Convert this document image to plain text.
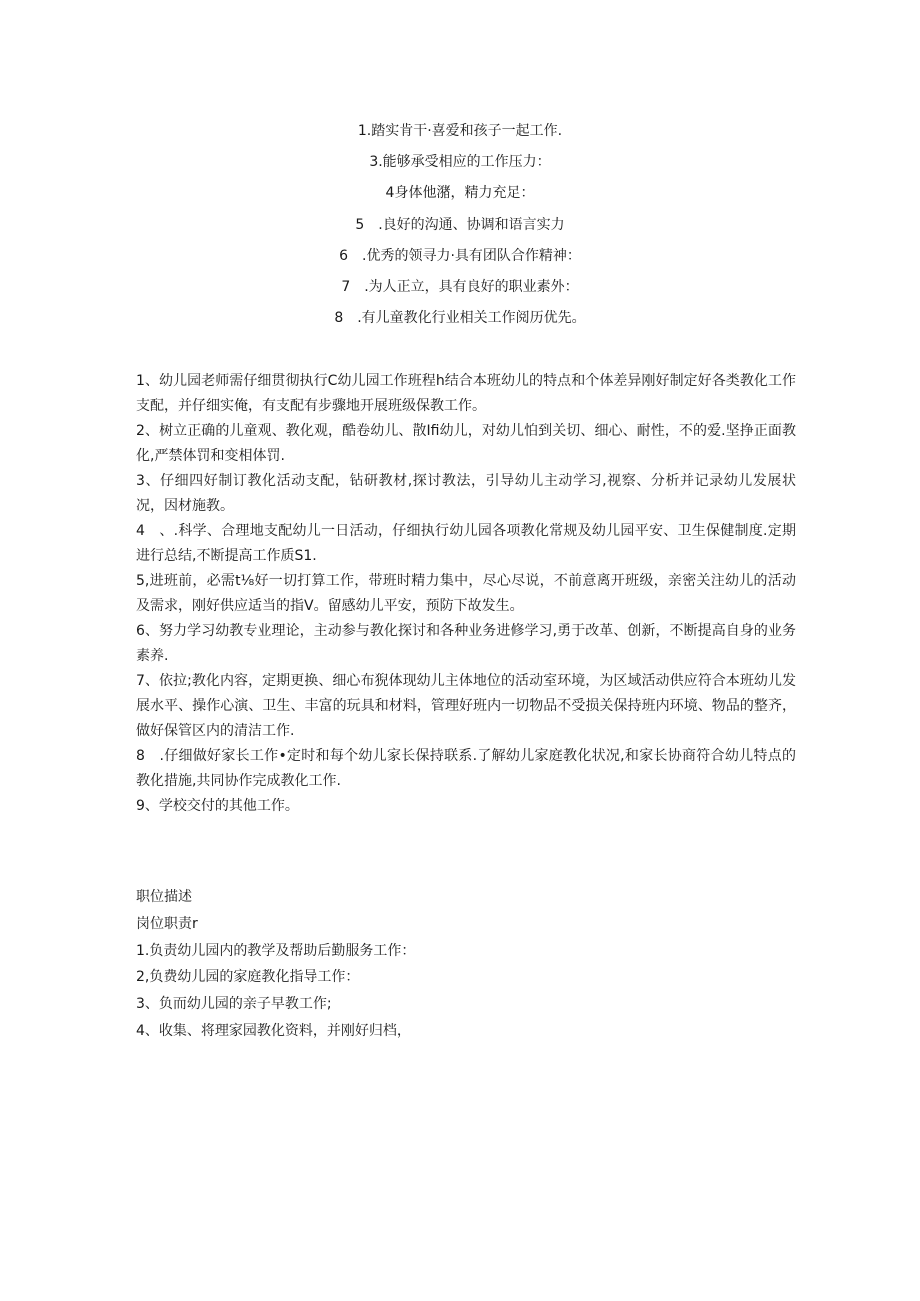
1.踏实肯干·喜爱和孩子一起工作.
3.能够承受相应的工作压力：
4身体他潴，精力充足：
5　.良好的沟通、协调和语言实力
6　.优秀的领寻力·具有团队合作精神：
7　.为人正立，具有良好的职业素外：
8　.有儿童教化行业相关工作阅历优先。

1、幼儿园老师需仔细贯彻执行C幼儿园工作班程h结合本班幼儿的特点和个体差异刚好制定好各类教化工作支配，并仔细实俺，有支配有步骤地开展班级保教工作。

2、树立正确的儿童观、教化观，酷卷幼儿、散Ifi幼儿，对幼儿怕到关切、细心、耐性，不的爱.坚挣正面教化,严禁体罚和变相体罚.

3、仔细四好制订教化活动支配，钻研教材,探讨教法，引导幼儿主动学习,视察、分析并记录幼儿发展状况，因材施教。

4　、.科学、合理地支配幼儿一日活动，仔细执行幼儿园各项教化常规及幼儿园平安、卫生保健制度.定期进行总结,不断提高工作质S1.

5,进班前，必需t⅛好一切打算工作，带班时精力集中，尽心尽说，不前意离开班级，亲密关注幼儿的活动及需求，刚好供应适当的指V。留感幼儿平安，预防下故发生。

6、努力学习幼教专业理论，主动参与教化探讨和各种业务进修学习,勇于改革、创新，不断提高自身的业务素养.

7、依拉;教化内容，定期更换、细心布猊体现幼儿主体地位的活动室环境，为区域活动供应符合本班幼儿发展水平、操作心演、卫生、丰富的玩具和材料，管理好班内一切物品不受损关保持班内环境、物品的整齐，做好保管区内的清洁工作.

8　.仔细做好家长工作•定时和每个幼儿家长保持联系.了解幼儿家庭教化状况,和家长协商符合幼儿特点的教化措施,共同协作完成教化工作.

9、学校交付的其他工作。

职位描述
岗位职责r
1.负责幼儿园内的教学及帮助后勤服务工作：
2,负费幼儿园的家庭教化指导工作：
3、负而幼儿园的亲子早教工作;
4、收集、将理家园教化资料，并刚好归档，
